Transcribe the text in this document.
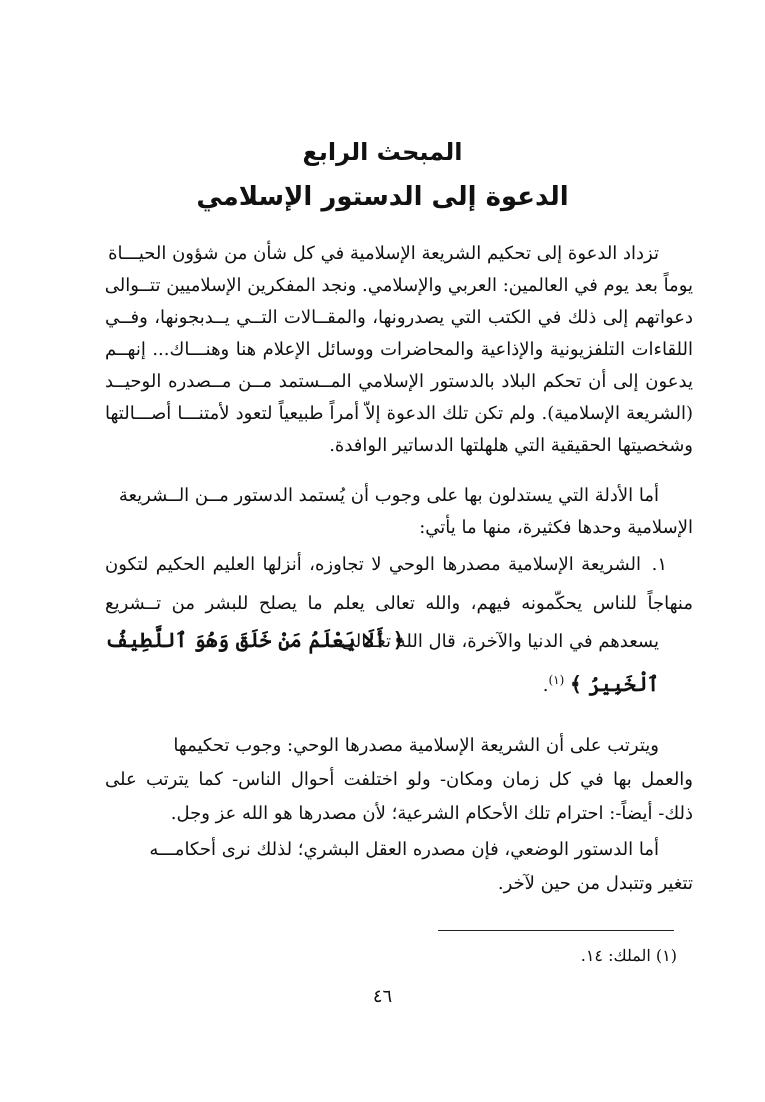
المبحث الرابع
الدعوة إلى الدستور الإسلامي

تزداد الدعوة إلى تحكيم الشريعة الإسلامية في كل شأن من شؤون الحيـــاة

يوماً بعد يوم في العالمين: العربي والإسلامي. ونجد المفكرين الإسلاميين تتــوالى

دعواتهم إلى ذلك في الكتب التي يصدرونها، والمقــالات التــي يــدبجونها، وفــي

اللقاءات التلفزيونية والإذاعية والمحاضرات ووسائل الإعلام هنا وهنـــاك... إنهــم

يدعون إلى أن تحكم البلاد بالدستور الإسلامي المــستمد مــن مــصدره الوحيــد

(الشريعة الإسلامية). ولم تكن تلك الدعوة إلاّ أمراً طبيعياً لتعود لأمتنـــا أصـــالتها

وشخصيتها الحقيقية التي هلهلتها الدساتير الوافدة.

أما الأدلة التي يستدلون بها على وجوب أن يُستمد الدستور مــن الــشريعة

الإسلامية وحدها فكثيرة، منها ما يأتي:

١.

الشريعة الإسلامية مصدرها الوحي لا تجاوزه، أنزلها العليم الحكيم لتكون

منهاجاً للناس يحكّمونه فيهم، والله تعالى يعلم ما يصلح للبشر من تــشريع

يسعدهم في الدنيا والآخرة، قال الله تعــالى:

﴿ أَلَا يَعْلَمُ مَنْ خَلَقَ وَهُوَ ٱللَّطِيفُ

ٱلْخَبِيرُ ﴾ $^{(١)}$.

ويترتب على أن الشريعة الإسلامية مصدرها الوحي: وجوب تحكيمها

والعمل بها في كل زمان ومكان- ولو اختلفت أحوال الناس- كما يترتب على

ذلك- أيضاً-: احترام تلك الأحكام الشرعية؛ لأن مصدرها هو الله عز وجل.

أما الدستور الوضعي، فإن مصدره العقل البشري؛ لذلك نرى أحكامـــه

تتغير وتتبدل من حين لآخر.

(١) الملك: ١٤.

٤٦
